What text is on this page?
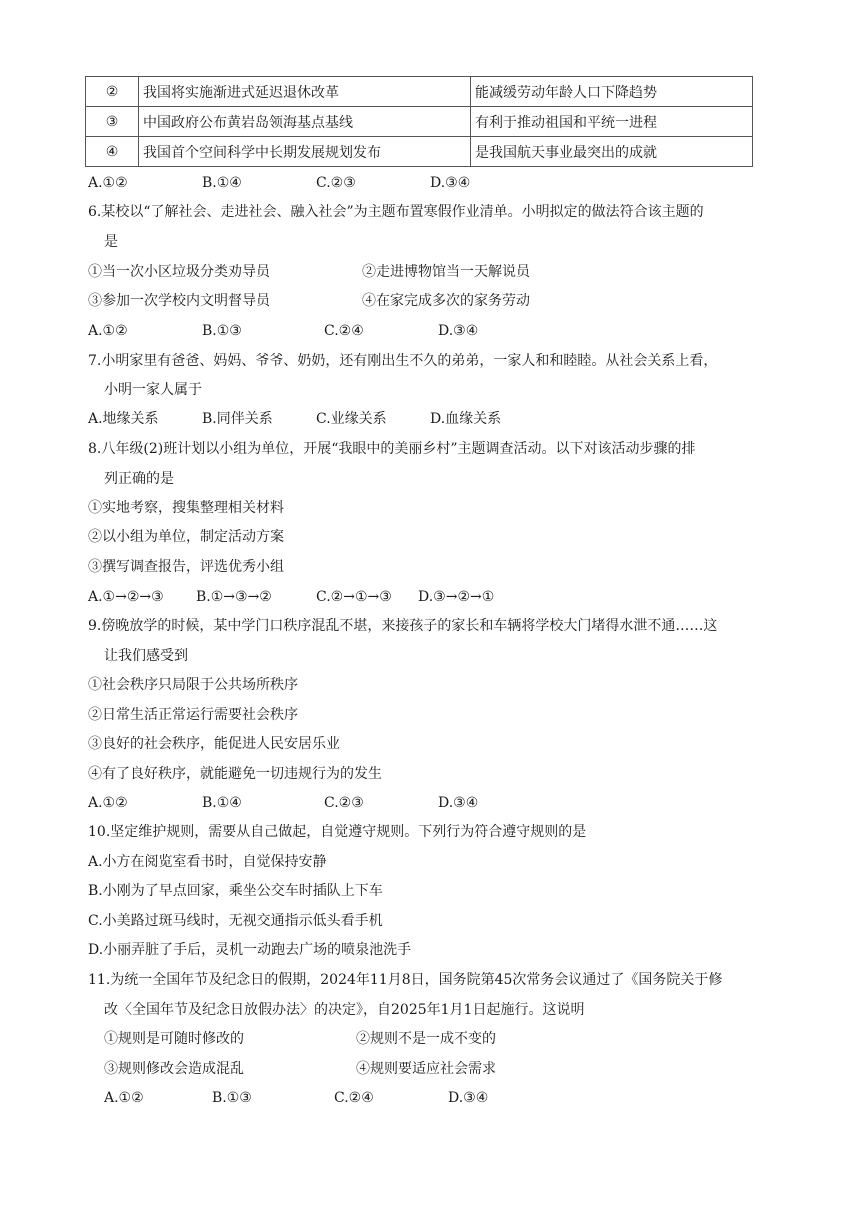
②	我国将实施渐进式延迟退休改革	能减缓劳动年龄人口下降趋势
③	中国政府公布黄岩岛领海基点基线	有利于推动祖国和平统一进程
④	我国首个空间科学中长期发展规划发布	是我国航天事业最突出的成就
A.①②	B.①④	C.②③	D.③④
6.某校以“了解社会、走进社会、融入社会”为主题布置寒假作业清单。小明拟定的做法符合该主题的
是
①当一次小区垃圾分类劝导员	②走进博物馆当一天解说员
③参加一次学校内文明督导员	④在家完成多次的家务劳动
A.①②	B.①③	C.②④	D.③④
7.小明家里有爸爸、妈妈、爷爷、奶奶，还有刚出生不久的弟弟，一家人和和睦睦。从社会关系上看，
小明一家人属于
A.地缘关系	B.同伴关系	C.业缘关系	D.血缘关系
8.八年级(2)班计划以小组为单位，开展“我眼中的美丽乡村”主题调查活动。以下对该活动步骤的排
列正确的是
①实地考察，搜集整理相关材料
②以小组为单位，制定活动方案
③撰写调查报告，评选优秀小组
A.①→②→③ B.①→③→②	C.②→①→③ D.③→②→①
9.傍晚放学的时候，某中学门口秩序混乱不堪，来接孩子的家长和车辆将学校大门堵得水泄不通……这
让我们感受到
①社会秩序只局限于公共场所秩序
②日常生活正常运行需要社会秩序
③良好的社会秩序，能促进人民安居乐业
④有了良好秩序，就能避免一切违规行为的发生
A.①②	B.①④	C.②③	D.③④
10.坚定维护规则，需要从自己做起，自觉遵守规则。下列行为符合遵守规则的是
A.小方在阅览室看书时，自觉保持安静
B.小刚为了早点回家，乘坐公交车时插队上下车
C.小美路过斑马线时，无视交通指示低头看手机
D.小丽弄脏了手后，灵机一动跑去广场的喷泉池洗手
11.为统一全国年节及纪念日的假期，2024年11月8日，国务院第45次常务会议通过了《国务院关于修
改〈全国年节及纪念日放假办法〉的决定》，自2025年1月1日起施行。这说明
①规则是可随时修改的	②规则不是一成不变的
③规则修改会造成混乱	④规则要适应社会需求
A.①②	B.①③	C.②④	D.③④
